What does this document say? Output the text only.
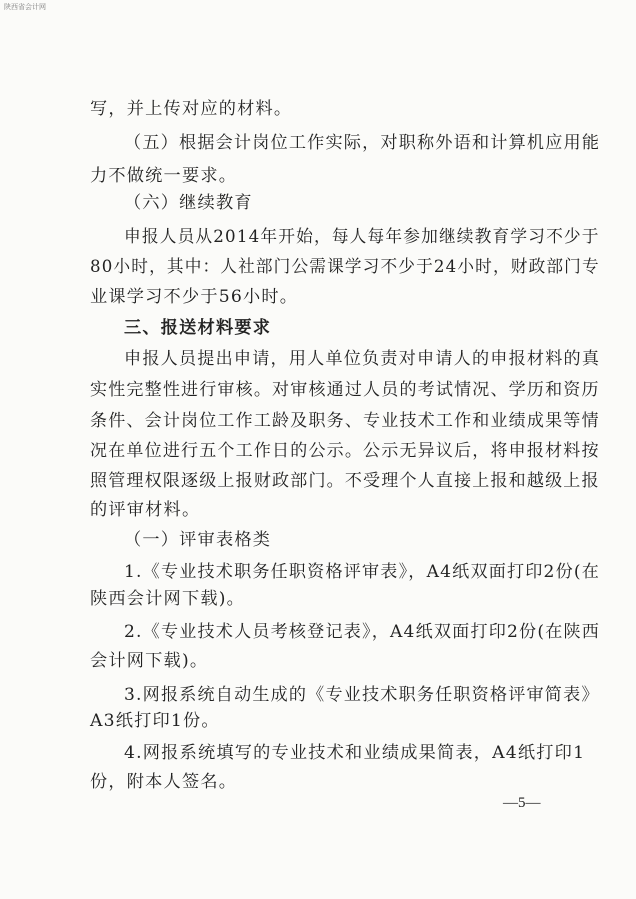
陕西省会计网
写，并上传对应的材料。
（五）根据会计岗位工作实际，对职称外语和计算机应用能
力不做统一要求。
（六）继续教育
申报人员从2014年开始，每人每年参加继续教育学习不少于
80小时，其中：人社部门公需课学习不少于24小时，财政部门专
业课学习不少于56小时。
三、报送材料要求
申报人员提出申请，用人单位负责对申请人的申报材料的真
实性完整性进行审核。对审核通过人员的考试情况、学历和资历
条件、会计岗位工作工龄及职务、专业技术工作和业绩成果等情
况在单位进行五个工作日的公示。公示无异议后，将申报材料按
照管理权限逐级上报财政部门。不受理个人直接上报和越级上报
的评审材料。
（一）评审表格类
1.《专业技术职务任职资格评审表》，A4纸双面打印2份(在
陕西会计网下载)。
2.《专业技术人员考核登记表》，A4纸双面打印2份(在陕西
会计网下载)。
3.网报系统自动生成的《专业技术职务任职资格评审简表》
A3纸打印1份。
4.网报系统填写的专业技术和业绩成果简表，A4纸打印1
份，附本人签名。
—5—
